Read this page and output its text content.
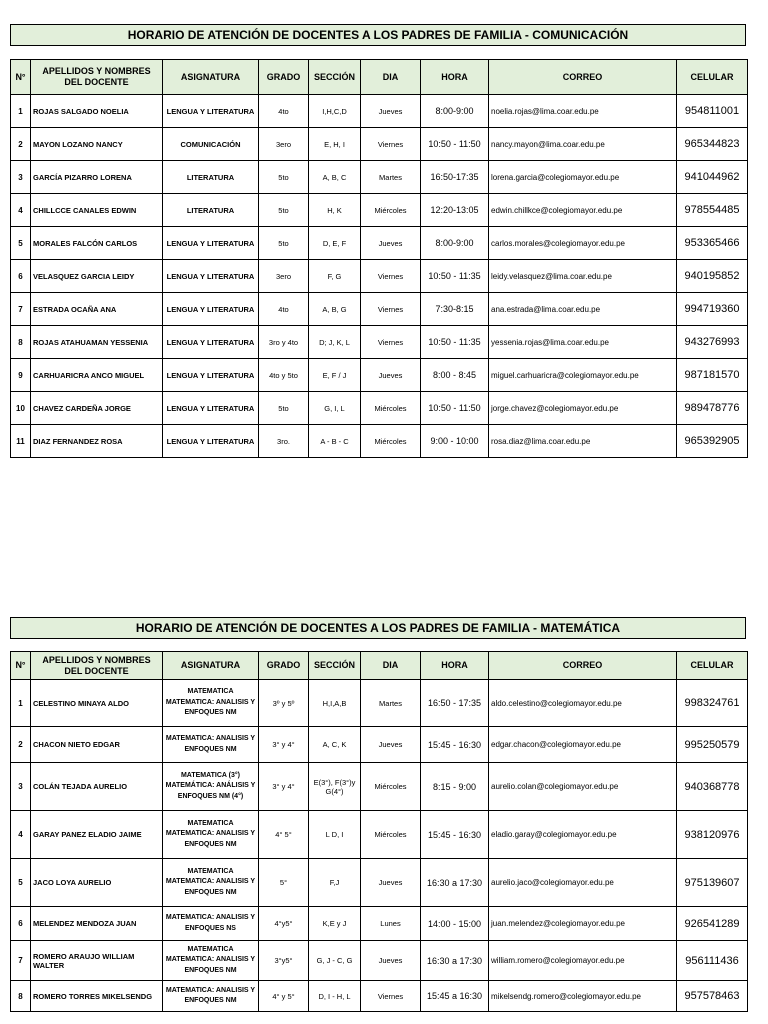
HORARIO DE ATENCIÓN DE DOCENTES A LOS PADRES DE FAMILIA - COMUNICACIÓN
N°	APELLIDOS Y NOMBRES DEL DOCENTE	ASIGNATURA	GRADO	SECCIÓN	DIA	HORA	CORREO	CELULAR
1	ROJAS SALGADO NOELIA	LENGUA Y LITERATURA	4to	I,H,C,D	Jueves	8:00-9:00	noelia.rojas@lima.coar.edu.pe	954811001
2	MAYON LOZANO NANCY	COMUNICACIÓN	3ero	E, H, I	Viernes	10:50 - 11:50	nancy.mayon@lima.coar.edu.pe	965344823
3	GARCÍA PIZARRO LORENA	LITERATURA	5to	A, B, C	Martes	16:50-17:35	lorena.garcia@colegiomayor.edu.pe	941044962
4	CHILLCCE CANALES EDWIN	LITERATURA	5to	H, K	Miércoles	12:20-13:05	edwin.chillkce@colegiomayor.edu.pe	978554485
5	MORALES FALCÓN CARLOS	LENGUA Y LITERATURA	5to	D, E, F	Jueves	8:00-9:00	carlos.morales@colegiomayor.edu.pe	953365466
6	VELASQUEZ GARCIA LEIDY	LENGUA Y LITERATURA	3ero	F, G	Viernes	10:50 - 11:35	leidy.velasquez@lima.coar.edu.pe	940195852
7	ESTRADA OCAÑA ANA	LENGUA Y LITERATURA	4to	A, B, G	Viernes	7:30-8:15	ana.estrada@lima.coar.edu.pe	994719360
8	ROJAS ATAHUAMAN YESSENIA	LENGUA Y LITERATURA	3ro y 4to	D; J, K, L	Viernes	10:50 - 11:35	yessenia.rojas@lima.coar.edu.pe	943276993
9	CARHUARICRA ANCO MIGUEL	LENGUA Y LITERATURA	4to y 5to	E, F / J	Jueves	8:00 - 8:45	miguel.carhuaricra@colegiomayor.edu.pe	987181570
10	CHAVEZ CARDEÑA JORGE	LENGUA Y LITERATURA	5to	G, I, L	Miércoles	10:50 - 11:50	jorge.chavez@colegiomayor.edu.pe	989478776
11	DIAZ FERNANDEZ ROSA	LENGUA Y LITERATURA	3ro.	A - B - C	Miércoles	9:00 - 10:00	rosa.diaz@lima.coar.edu.pe	965392905
HORARIO DE ATENCIÓN DE DOCENTES A LOS PADRES DE FAMILIA - MATEMÁTICA
N°	APELLIDOS Y NOMBRES DEL DOCENTE	ASIGNATURA	GRADO	SECCIÓN	DIA	HORA	CORREO	CELULAR
1	CELESTINO MINAYA ALDO	MATEMATICA MATEMATICA: ANALISIS Y ENFOQUES NM	3º y 5º	H,I,A,B	Martes	16:50 - 17:35	aldo.celestino@colegiomayor.edu.pe	998324761
2	CHACON NIETO EDGAR	MATEMATICA: ANALISIS Y ENFOQUES NM	3° y 4°	A, C, K	Jueves	15:45 - 16:30	edgar.chacon@colegiomayor.edu.pe	995250579
3	COLÁN TEJADA AURELIO	MATEMATICA (3°) MATEMÁTICA: ANÁLISIS Y ENFOQUES NM (4°)	3° y 4°	E(3°), F(3°)y G(4°)	Miércoles	8:15 - 9:00	aurelio.colan@colegiomayor.edu.pe	940368778
4	GARAY PANEZ ELADIO JAIME	MATEMATICA MATEMATICA: ANALISIS Y ENFOQUES NM	4° 5°	L D, I	Miércoles	15:45 - 16:30	eladio.garay@colegiomayor.edu.pe	938120976
5	JACO LOYA AURELIO	MATEMATICA MATEMATICA: ANALISIS Y ENFOQUES NM	5°	F,J	Jueves	16:30 a 17:30	aurelio.jaco@colegiomayor.edu.pe	975139607
6	MELENDEZ MENDOZA JUAN	MATEMATICA: ANALISIS Y ENFOQUES NS	4°y5°	K,E y J	Lunes	14:00 - 15:00	juan.melendez@colegiomayor.edu.pe	926541289
7	ROMERO ARAUJO WILLIAM WALTER	MATEMATICA MATEMATICA: ANALISIS Y ENFOQUES NM	3°y5°	G, J - C, G	Jueves	16:30 a 17:30	william.romero@colegiomayor.edu.pe	956111436
8	ROMERO TORRES MIKELSENDG	MATEMATICA: ANALISIS Y ENFOQUES NM	4° y 5°	D, I - H, L	Viernes	15:45 a 16:30	mikelsendg.romero@colegiomayor.edu.pe	957578463
